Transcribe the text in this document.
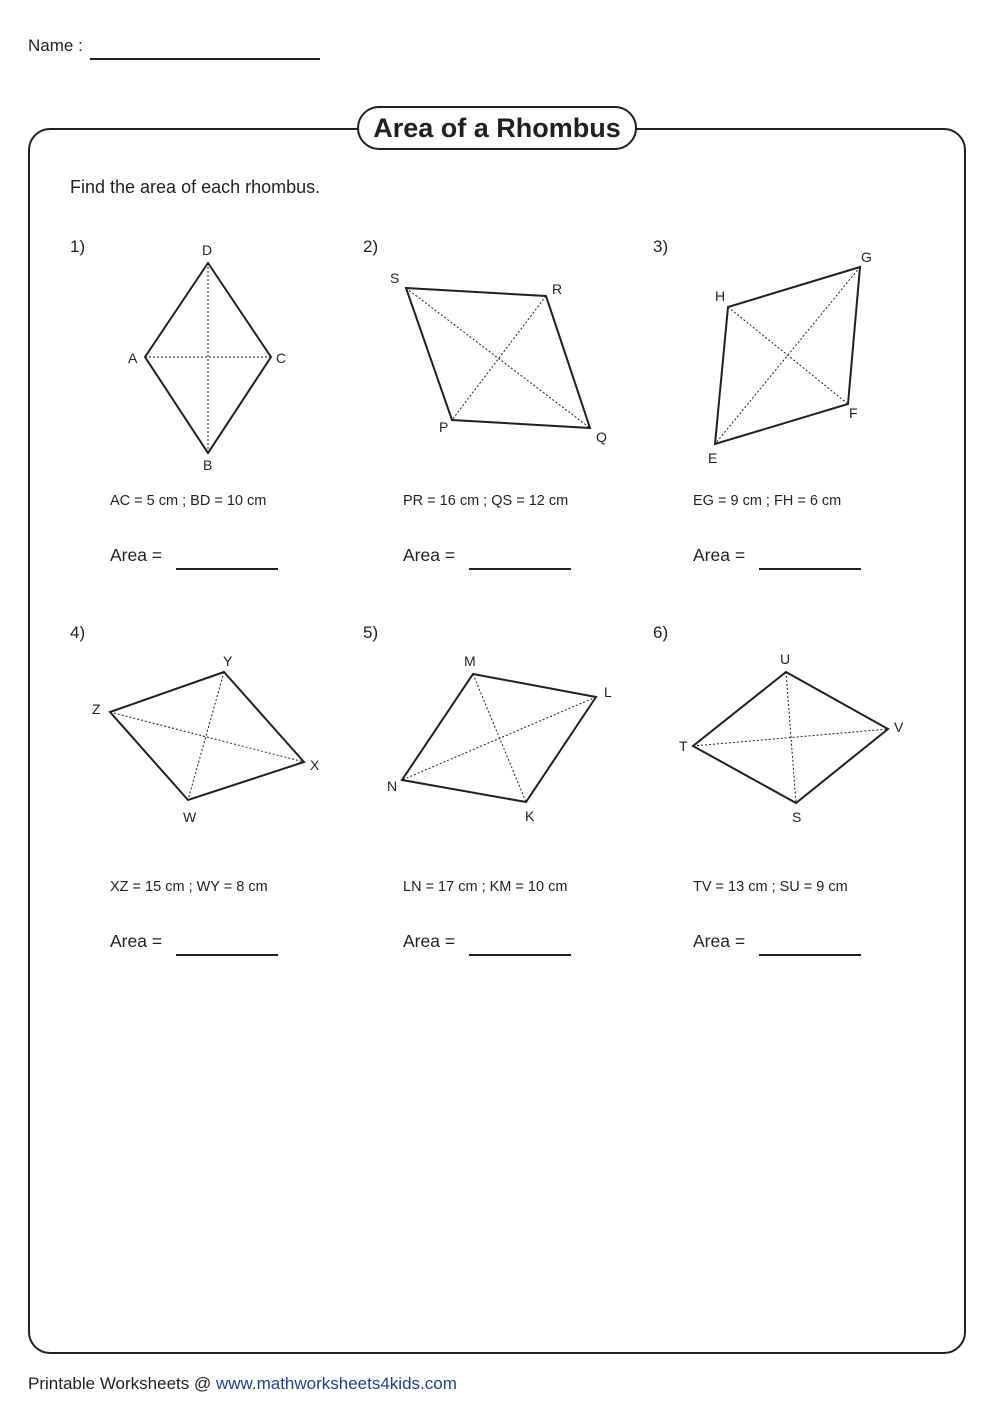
Name :
Area of a Rhombus
Find the area of each rhombus.
1)	D
C
B
A
AC = 5 cm ; BD = 10 cm
Area =
2)
S
R
Q
P
PR = 16 cm ; QS = 12 cm
Area =
3)
G
H
E
F
EG = 9 cm ; FH = 6 cm
Area =
4)
Y
Z
W
X
XZ = 15 cm ; WY = 8 cm
Area =
5)
M
L
K
N
LN = 17 cm ; KM = 10 cm
Area =
6)
U
V
S
T
TV = 13 cm ; SU = 9 cm
Area =
Printable Worksheets @ www.mathworksheets4kids.com
